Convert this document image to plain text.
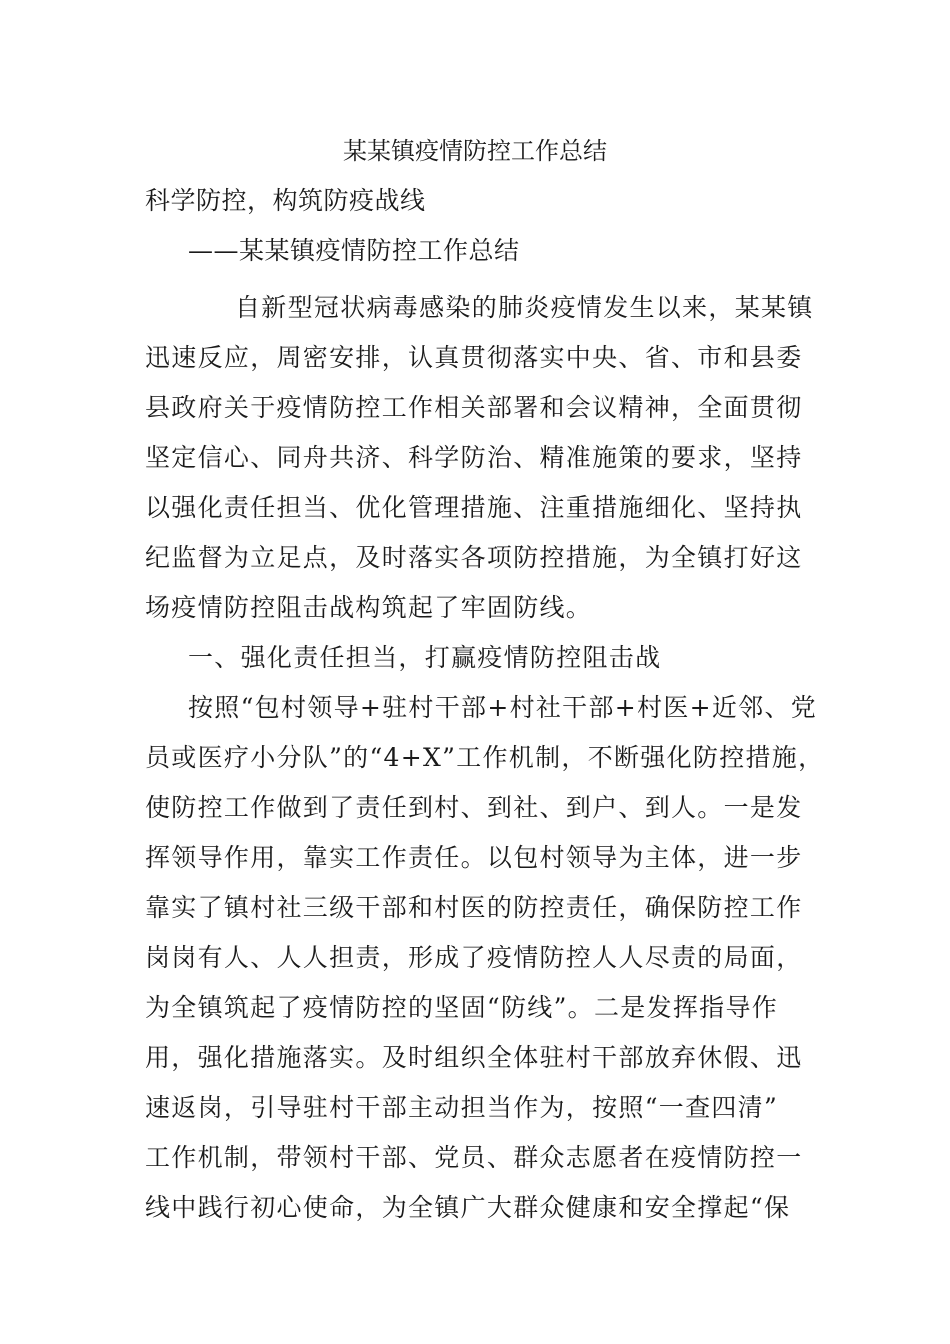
某某镇疫情防控工作总结
科学防控，构筑防疫战线
——某某镇疫情防控工作总结
自新型冠状病毒感染的肺炎疫情发生以来，某某镇
迅速反应，周密安排，认真贯彻落实中央、省、市和县委
县政府关于疫情防控工作相关部署和会议精神，全面贯彻
坚定信心、同舟共济、科学防治、精准施策的要求，坚持
以强化责任担当、优化管理措施、注重措施细化、坚持执
纪监督为立足点，及时落实各项防控措施，为全镇打好这
场疫情防控阻击战构筑起了牢固防线。
一、强化责任担当，打赢疫情防控阻击战
按照“包村领导+驻村干部+村社干部+村医+近邻、党
员或医疗小分队”的“4+X”工作机制，不断强化防控措施，
使防控工作做到了责任到村、到社、到户、到人。一是发
挥领导作用，靠实工作责任。以包村领导为主体，进一步
靠实了镇村社三级干部和村医的防控责任，确保防控工作
岗岗有人、人人担责，形成了疫情防控人人尽责的局面，
为全镇筑起了疫情防控的坚固“防线”。二是发挥指导作
用，强化措施落实。及时组织全体驻村干部放弃休假、迅
速返岗，引导驻村干部主动担当作为，按照“一查四清”
工作机制，带领村干部、党员、群众志愿者在疫情防控一
线中践行初心使命，为全镇广大群众健康和安全撑起“保
